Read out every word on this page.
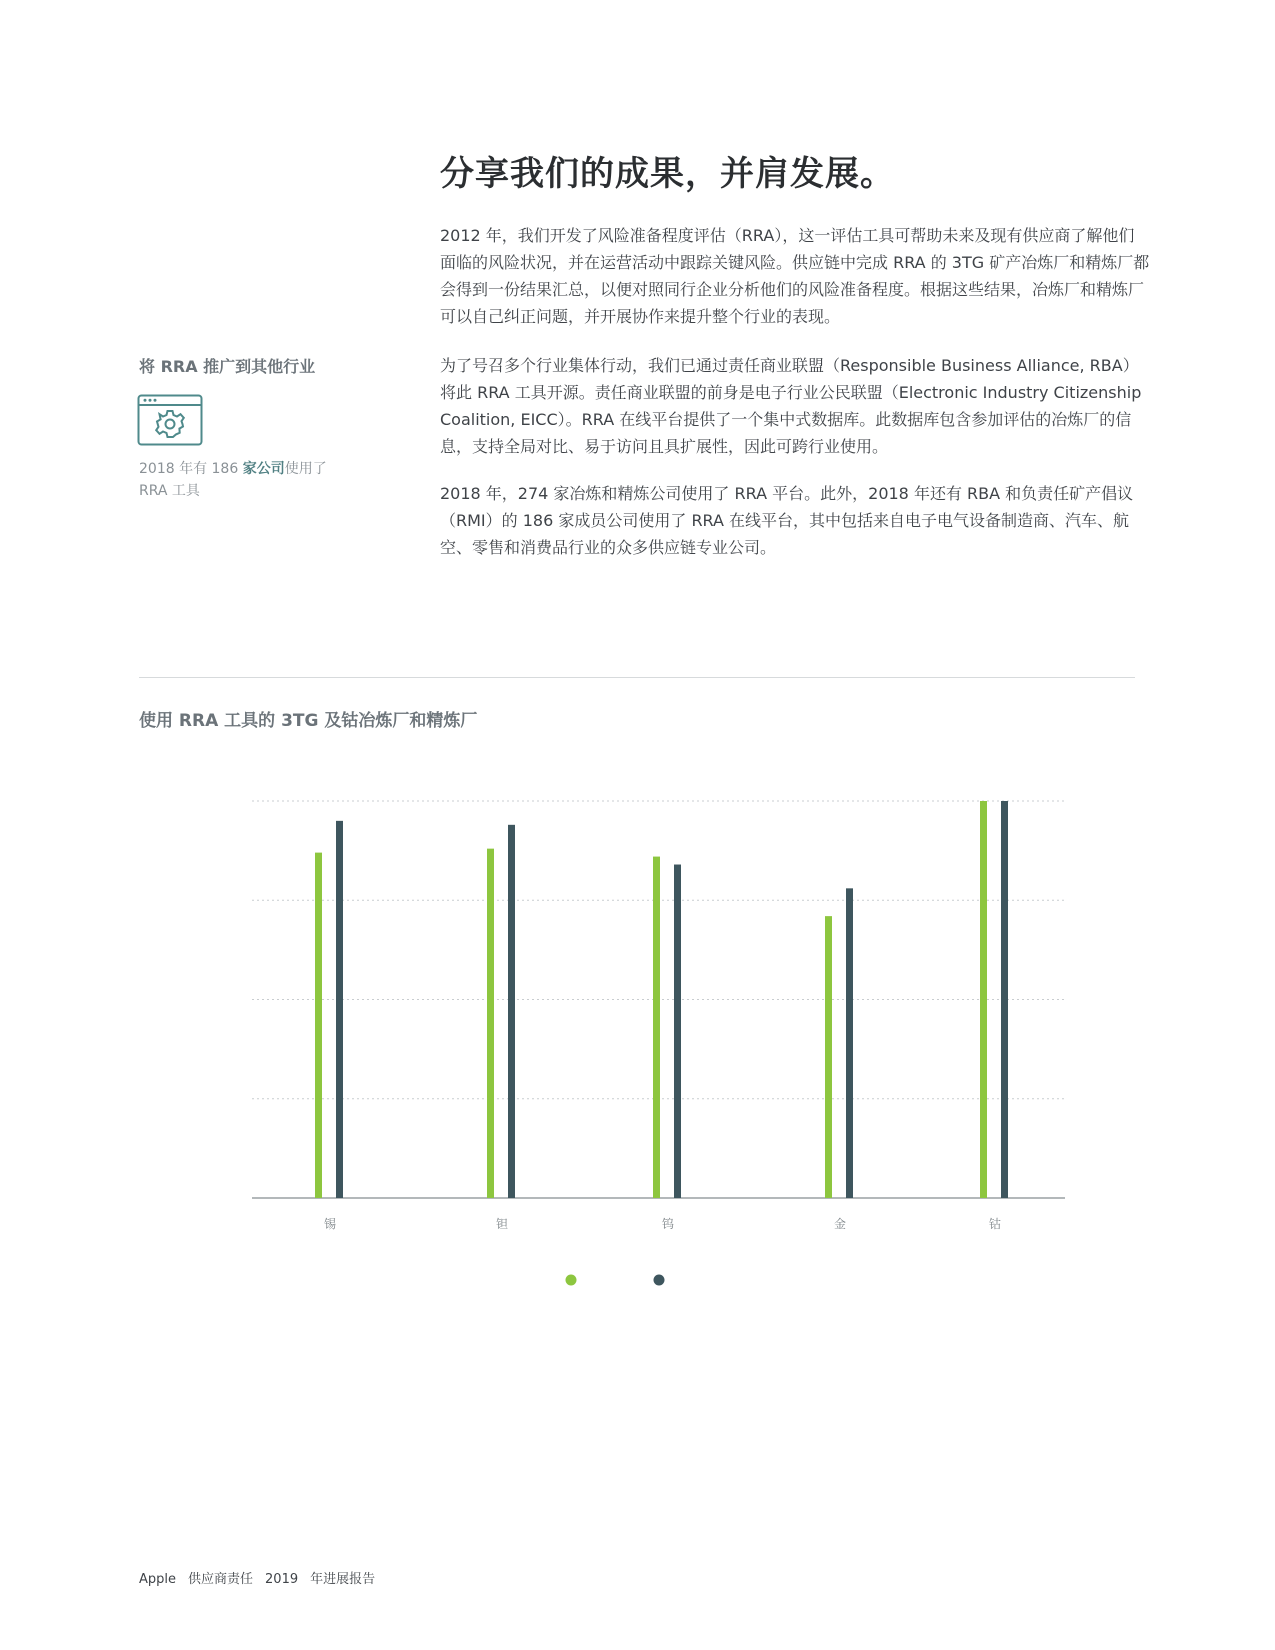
分享我们的成果，并肩发展。

2012 年，我们开发了风险准备程度评估（RRA），这一评估工具可帮助未来及现有供应商了解他们面临的风险状况，并在运营活动中跟踪关键风险。供应链中完成 RRA 的 3TG 矿产冶炼厂和精炼厂都会得到一份结果汇总，以便对照同行企业分析他们的风险准备程度。根据这些结果，冶炼厂和精炼厂可以自己纠正问题，并开展协作来提升整个行业的表现。

为了号召多个行业集体行动，我们已通过责任商业联盟（Responsible Business Alliance, RBA）将此 RRA 工具开源。责任商业联盟的前身是电子行业公民联盟（Electronic Industry Citizenship Coalition, EICC）。RRA 在线平台提供了一个集中式数据库。此数据库包含参加评估的冶炼厂的信息，支持全局对比、易于访问且具扩展性，因此可跨行业使用。

2018 年，274 家冶炼和精炼公司使用了 RRA 平台。此外，2018 年还有 RBA 和负责任矿产倡议（RMI）的 186 家成员公司使用了 RRA 在线平台，其中包括来自电子电气设备制造商、汽车、航空、零售和消费品行业的众多供应链专业公司。

将 RRA 推广到其他行业
2018 年有 186 家公司使用了 RRA 工具
使用 RRA 工具的 3TG 及钴冶炼厂和精炼厂
锡	钽	钨	金	钴
Apple 供应商责任 2019 年进展报告
